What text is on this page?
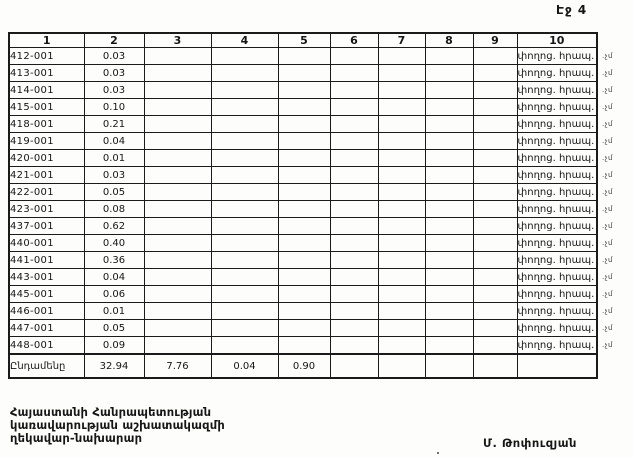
Էջ 4
1	2	3	4	5	6	7	8	9	10
412-001	0.03								փողոց. հրապ.
413-001	0.03								փողոց. հրապ.
414-001	0.03								փողոց. հրապ.
415-001	0.10								փողոց. հրապ.
418-001	0.21								փողոց. հրապ.
419-001	0.04								փողոց. հրապ.
420-001	0.01								փողոց. հրապ.
421-001	0.03								փողոց. հրապ.
422-001	0.05								փողոց. հրապ.
423-001	0.08								փողոց. հրապ.
437-001	0.62								փողոց. հրապ.
440-001	0.40								փողոց. հրապ.
441-001	0.36								փողոց. հրապ.
443-001	0.04								փողոց. հրապ.
445-001	0.06								փողոց. հրապ.
446-001	0.01								փողոց. հրապ.
447-001	0.05								փողոց. հրապ.
448-001	0.09								փողոց. հրապ.
Ընդամենը	32.94	7.76	0.04	0.90					
.չմ
.չմ
.չմ
.չմ
.չմ
.չմ
.չմ
.չմ
.չմ
.չմ
.չմ
.չմ
.չմ
.չմ
.չմ
.չմ
.չմ
.չմ
Հայաստանի Հանրապետության
կառավարության աշխատակազմի
ղեկավար-նախարար	Մ. Թոփուզյան
